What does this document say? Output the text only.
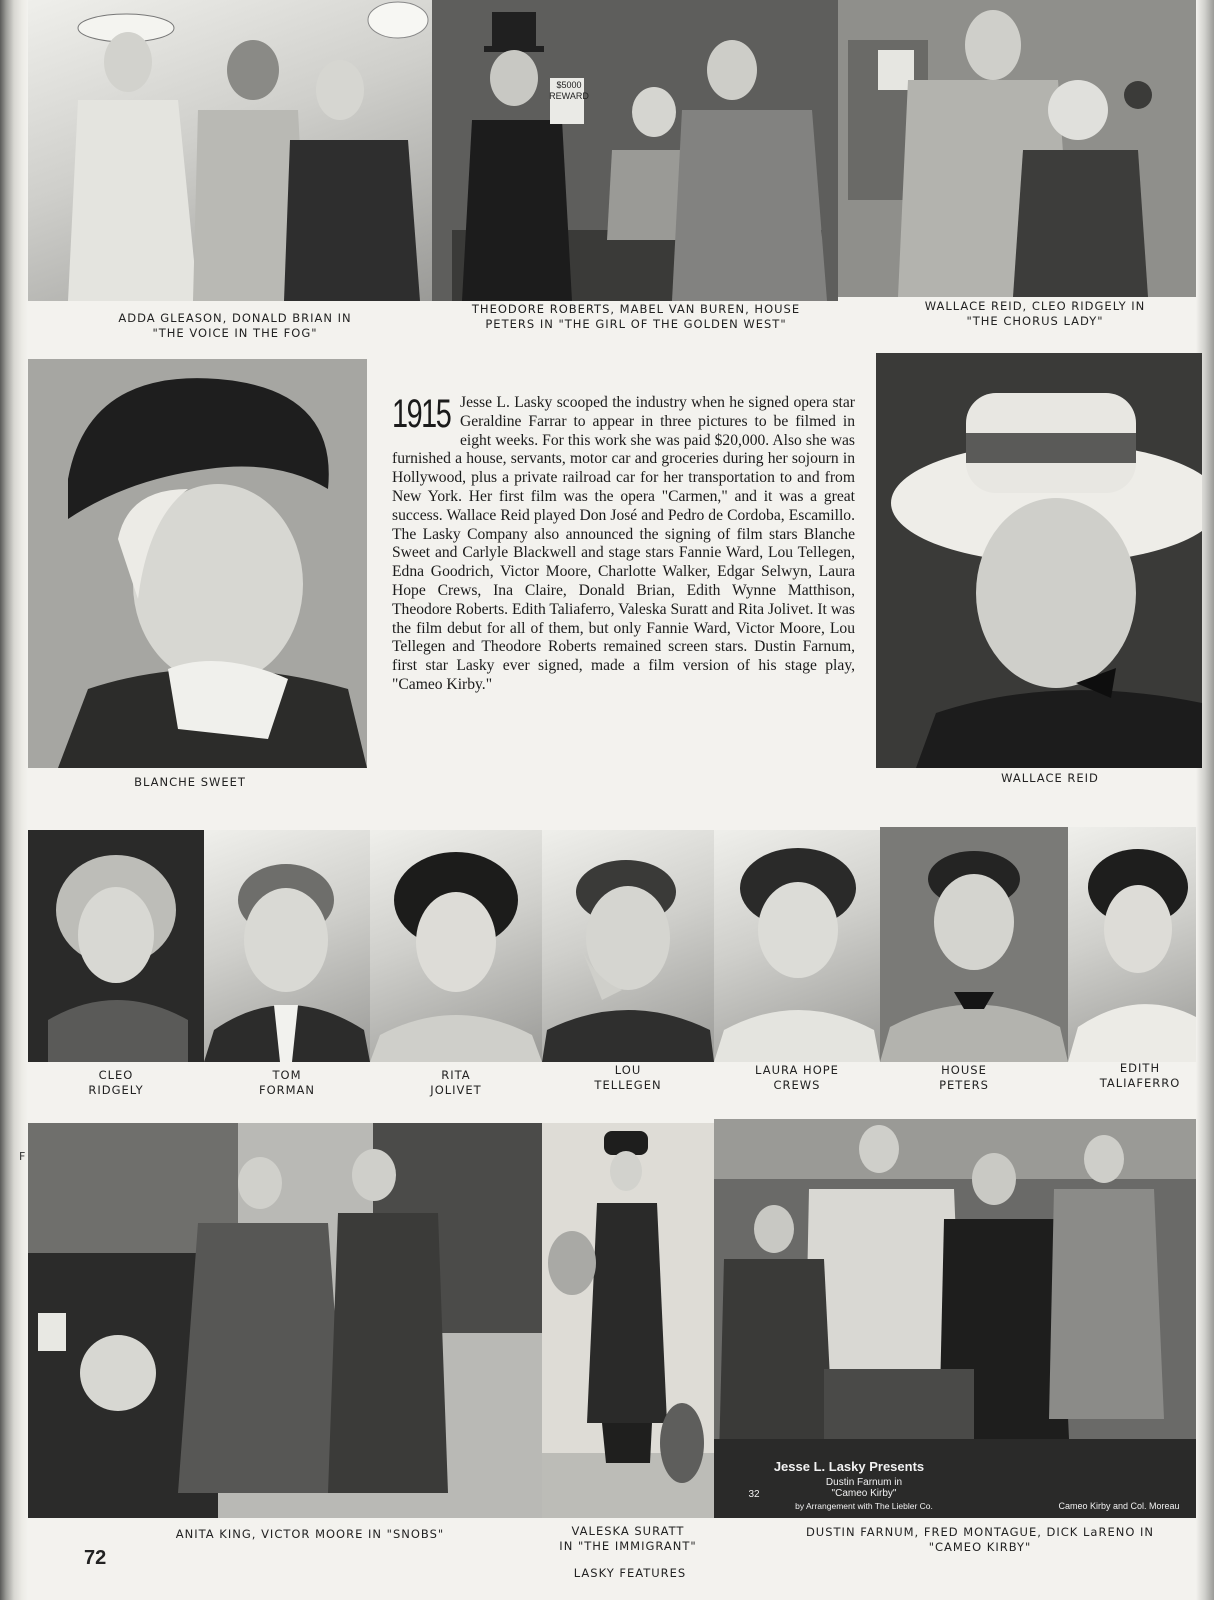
F
ADDA GLEASON, DONALD BRIAN IN
"THE VOICE IN THE FOG"
$5000
REWARD
THEODORE ROBERTS, MABEL VAN BUREN, HOUSE
PETERS IN "THE GIRL OF THE GOLDEN WEST"
WALLACE REID, CLEO RIDGELY IN
"THE CHORUS LADY"
BLANCHE SWEET
1915 Jesse L. Lasky scooped the industry when he signed opera star Geraldine Farrar to appear in three pictures to be filmed in eight weeks. For this work she was paid $20,000. Also she was furnished a house, servants, motor car and groceries during her sojourn in Hollywood, plus a private railroad car for her transportation to and from New York. Her first film was the opera "Carmen," and it was a great success. Wallace Reid played Don José and Pedro de Cordoba, Escamillo. The Lasky Company also announced the signing of film stars Blanche Sweet and Carlyle Blackwell and stage stars Fannie Ward, Lou Tellegen, Edna Goodrich, Victor Moore, Charlotte Walker, Edgar Selwyn, Laura Hope Crews, Ina Claire, Donald Brian, Edith Wynne Matthison, Theodore Roberts. Edith Taliaferro, Valeska Suratt and Rita Jolivet. It was the film debut for all of them, but only Fannie Ward, Victor Moore, Lou Tellegen and Theodore Roberts remained screen stars. Dustin Farnum, first star Lasky ever signed, made a film version of his stage play, "Cameo Kirby."
WALLACE REID
CLEO
RIDGELY
TOM
FORMAN
RITA
JOLIVET
LOU
TELLEGEN
LAURA HOPE
CREWS
HOUSE
PETERS
EDITH
TALIAFERRO
ANITA KING, VICTOR MOORE IN "SNOBS"	VALESKA SURATT
IN "THE IMMIGRANT"
Jesse L. Lasky Presents
Dustin Farnum in
"Cameo Kirby"
by Arrangement with The Liebler Co.
32
Cameo Kirby and Col. Moreau
DUSTIN FARNUM, FRED MONTAGUE, DICK LaRENO IN
"CAMEO KIRBY"
72
LASKY FEATURES
